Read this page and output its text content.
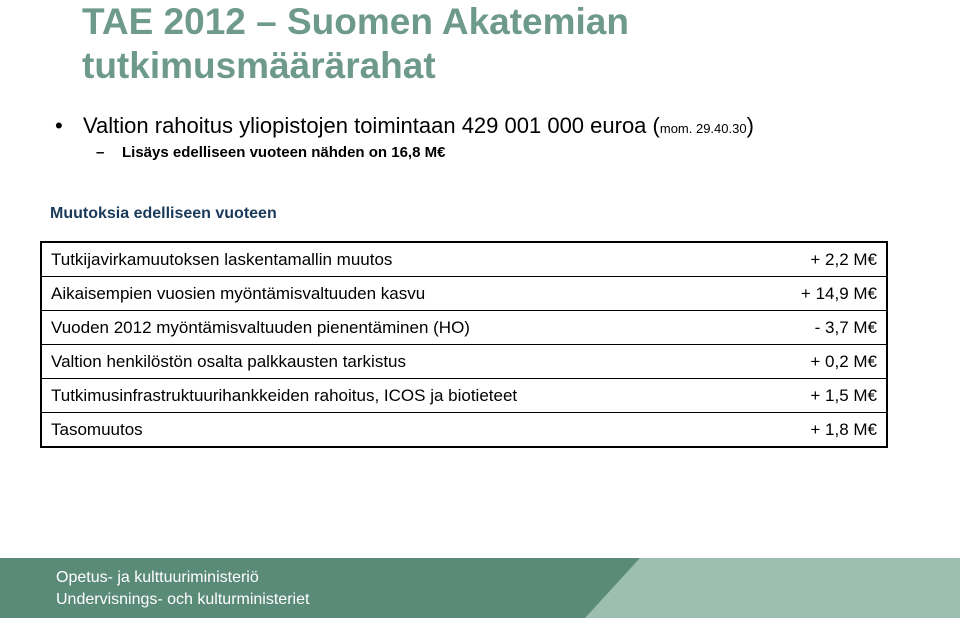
TAE 2012 – Suomen Akatemian
tutkimusmäärärahat
• Valtion rahoitus yliopistojen toimintaan 429 001 000 euroa (mom. 29.40.30)
– Lisäys edelliseen vuoteen nähden on 16,8 M€
Muutoksia edelliseen vuoteen
Tutkijavirkamuutoksen laskentamallin muutos	+ 2,2 M€
Aikaisempien vuosien myöntämisvaltuuden kasvu	+ 14,9 M€
Vuoden 2012 myöntämisvaltuuden pienentäminen (HO)	- 3,7 M€
Valtion henkilöstön osalta palkkausten tarkistus	+ 0,2 M€
Tutkimusinfrastruktuurihankkeiden rahoitus, ICOS ja biotieteet	+ 1,5 M€
Tasomuutos	+ 1,8 M€
Opetus- ja kulttuuriministeriö
Undervisnings- och kulturministeriet
